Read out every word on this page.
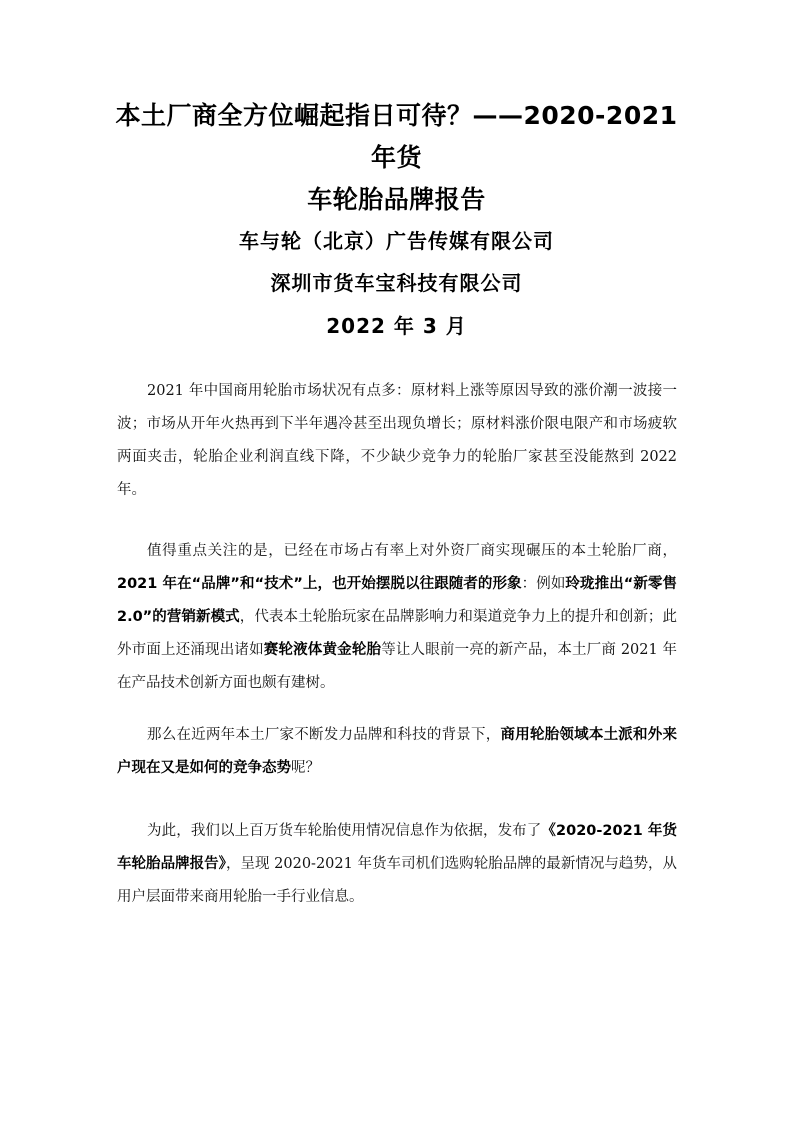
本土厂商全方位崛起指日可待？——2020-2021 年货
车轮胎品牌报告
车与轮（北京）广告传媒有限公司
深圳市货车宝科技有限公司
2022 年 3 月

2021 年中国商用轮胎市场状况有点多：原材料上涨等原因导致的涨价潮一波接一波；市场从开年火热再到下半年遇冷甚至出现负增长；原材料涨价限电限产和市场疲软两面夹击，轮胎企业利润直线下降，不少缺少竞争力的轮胎厂家甚至没能熬到 2022 年。

值得重点关注的是，已经在市场占有率上对外资厂商实现碾压的本土轮胎厂商，2021 年在“品牌”和“技术”上，也开始摆脱以往跟随者的形象：例如玲珑推出“新零售 2.0”的营销新模式，代表本土轮胎玩家在品牌影响力和渠道竞争力上的提升和创新；此外市面上还涌现出诸如赛轮液体黄金轮胎等让人眼前一亮的新产品，本土厂商 2021 年在产品技术创新方面也颇有建树。

那么在近两年本土厂家不断发力品牌和科技的背景下，商用轮胎领域本土派和外来户现在又是如何的竞争态势呢？

为此，我们以上百万货车轮胎使用情况信息作为依据，发布了《2020-2021 年货车轮胎品牌报告》，呈现 2020-2021 年货车司机们选购轮胎品牌的最新情况与趋势，从用户层面带来商用轮胎一手行业信息。
